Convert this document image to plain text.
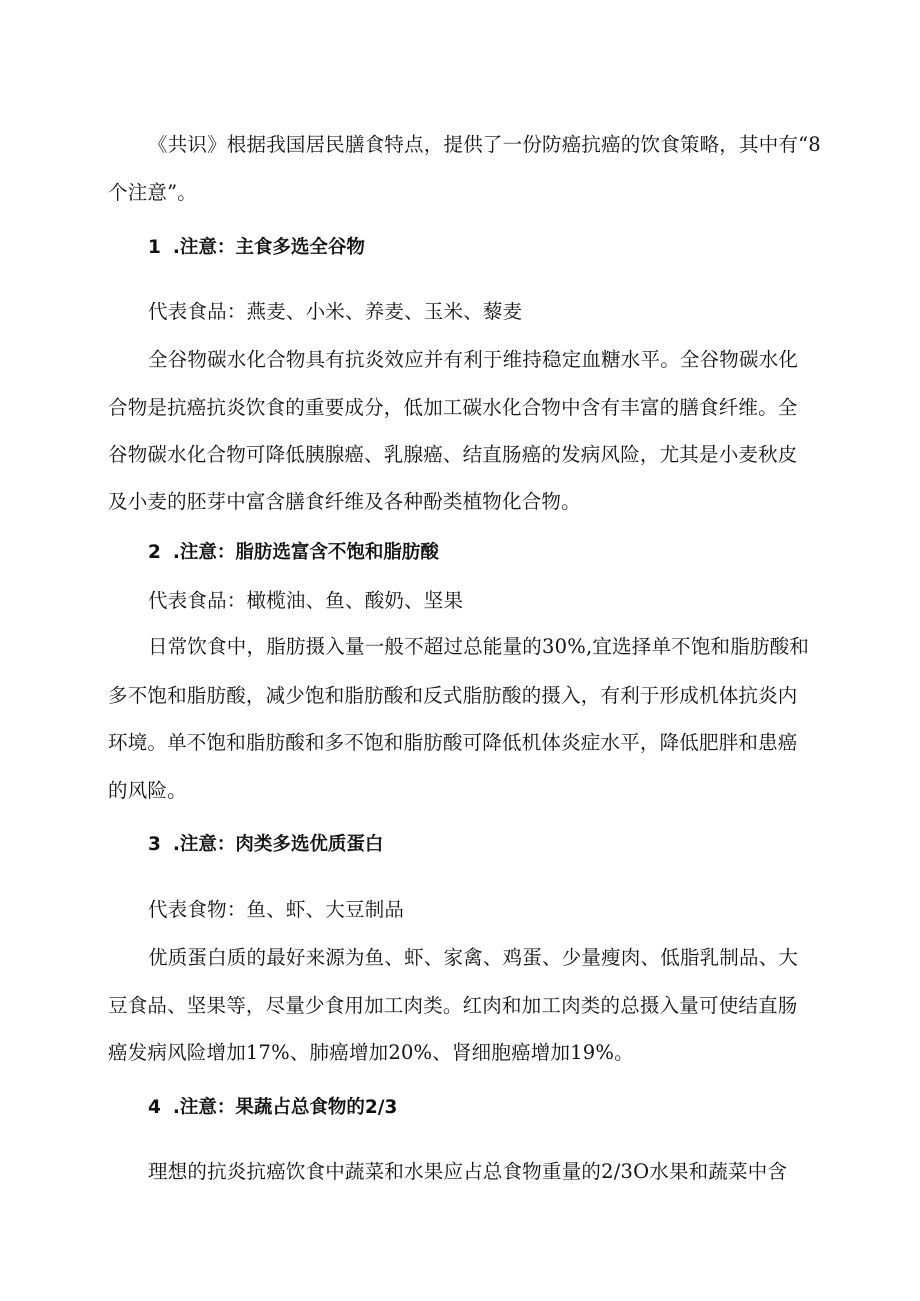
《共识》根据我国居民膳食特点，提供了一份防癌抗癌的饮食策略，其中有“8
个注意”。
1 .注意：主食多选全谷物
代表食品：燕麦、小米、养麦、玉米、藜麦
全谷物碳水化合物具有抗炎效应并有利于维持稳定血糖水平。全谷物碳水化
合物是抗癌抗炎饮食的重要成分，低加工碳水化合物中含有丰富的膳食纤维。全
谷物碳水化合物可降低胰腺癌、乳腺癌、结直肠癌的发病风险，尤其是小麦秋皮
及小麦的胚芽中富含膳食纤维及各种酚类植物化合物。
2 .注意：脂肪选富含不饱和脂肪酸
代表食品：橄榄油、鱼、酸奶、坚果
日常饮食中，脂肪摄入量一般不超过总能量的30%,宜选择单不饱和脂肪酸和
多不饱和脂肪酸，减少饱和脂肪酸和反式脂肪酸的摄入，有利于形成机体抗炎内
环境。单不饱和脂肪酸和多不饱和脂肪酸可降低机体炎症水平，降低肥胖和患癌
的风险。
3 .注意：肉类多选优质蛋白
代表食物：鱼、虾、大豆制品
优质蛋白质的最好来源为鱼、虾、家禽、鸡蛋、少量瘦肉、低脂乳制品、大
豆食品、坚果等，尽量少食用加工肉类。红肉和加工肉类的总摄入量可使结直肠
癌发病风险增加17%、肺癌增加20%、肾细胞癌增加19%。
4 .注意：果蔬占总食物的2/3
理想的抗炎抗癌饮食中蔬菜和水果应占总食物重量的2/3O水果和蔬菜中含
